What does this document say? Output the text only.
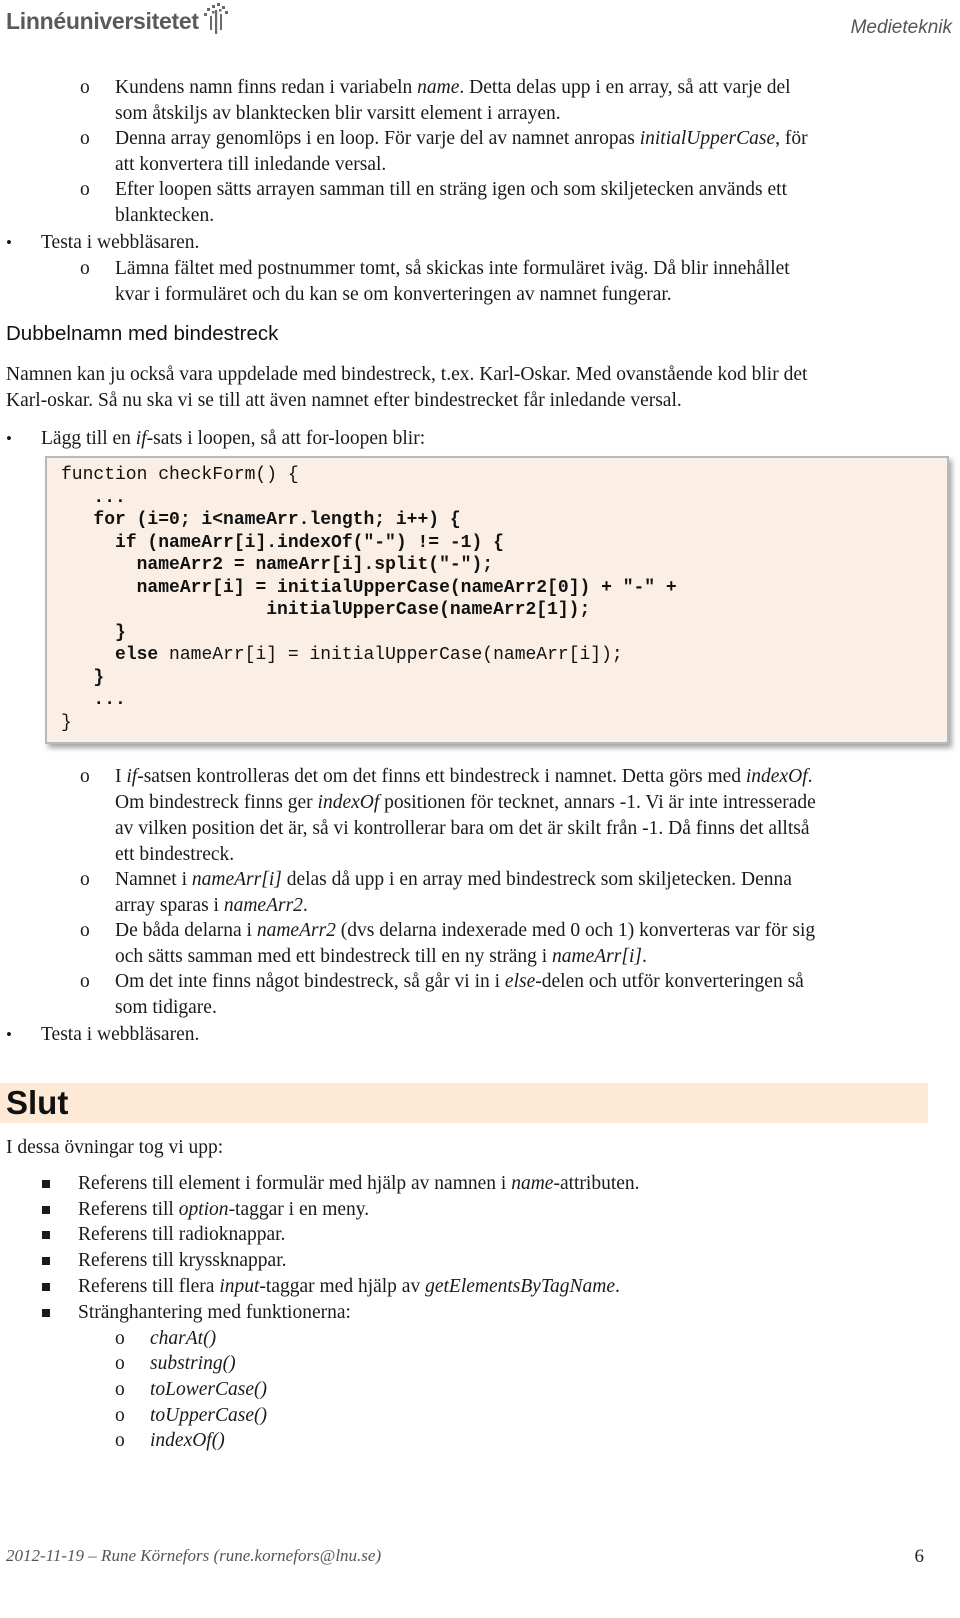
Linnéuniversitetet	Medieteknik
o Kundens namn finns redan i variabeln name. Detta delas upp i en array, så att varje del
som åtskiljs av blanktecken blir varsitt element i arrayen.
o Denna array genomlöps i en loop. För varje del av namnet anropas initialUpperCase, för
att konvertera till inledande versal.
o Efter loopen sätts arrayen samman till en sträng igen och som skiljetecken används ett
blanktecken.
• Testa i webbläsaren.
o Lämna fältet med postnummer tomt, så skickas inte formuläret iväg. Då blir innehållet
kvar i formuläret och du kan se om konverteringen av namnet fungerar.
Dubbelnamn med bindestreck
Namnen kan ju också vara uppdelade med bindestreck, t.ex. Karl-Oskar. Med ovanstående kod blir det
Karl-oskar. Så nu ska vi se till att även namnet efter bindestrecket får inledande versal.
• Lägg till en if-sats i loopen, så att for-loopen blir:
function checkForm() {
...
for (i=0; i<nameArr.length; i++) {
if (nameArr[i].indexOf("-") != -1) {
nameArr2 = nameArr[i].split("-");
nameArr[i] = initialUpperCase(nameArr2[0]) + "-" +
initialUpperCase(nameArr2[1]);
}
else nameArr[i] = initialUpperCase(nameArr[i]);
}
...
}
o I if-satsen kontrolleras det om det finns ett bindestreck i namnet. Detta görs med indexOf.
Om bindestreck finns ger indexOf positionen för tecknet, annars -1. Vi är inte intresserade
av vilken position det är, så vi kontrollerar bara om det är skilt från -1. Då finns det alltså
ett bindestreck.
o Namnet i nameArr[i] delas då upp i en array med bindestreck som skiljetecken. Denna
array sparas i nameArr2.
o De båda delarna i nameArr2 (dvs delarna indexerade med 0 och 1) konverteras var för sig
och sätts samman med ett bindestreck till en ny sträng i nameArr[i].
o Om det inte finns något bindestreck, så går vi in i else-delen och utför konverteringen så
som tidigare.
• Testa i webbläsaren.
Slut
I dessa övningar tog vi upp:
Referens till element i formulär med hjälp av namnen i name-attributen.
Referens till option-taggar i en meny.
Referens till radioknappar.
Referens till kryssknappar.
Referens till flera input-taggar med hjälp av getElementsByTagName.
Stränghantering med funktionerna:
o charAt()
o substring()
o toLowerCase()
o toUpperCase()
o indexOf()
2012-11-19 – Rune Körnefors (rune.kornefors@lnu.se)	6
